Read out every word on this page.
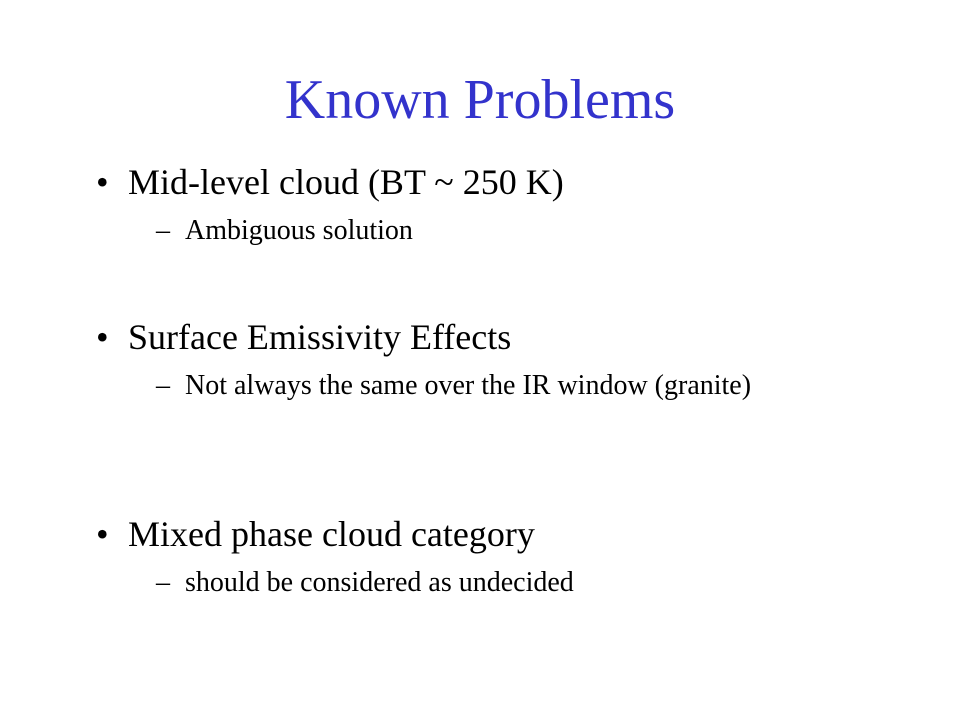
Known Problems
• Mid-level cloud (BT ~ 250 K)
– Ambiguous solution
• Surface Emissivity Effects
– Not always the same over the IR window (granite)
• Mixed phase cloud category
– should be considered as undecided
